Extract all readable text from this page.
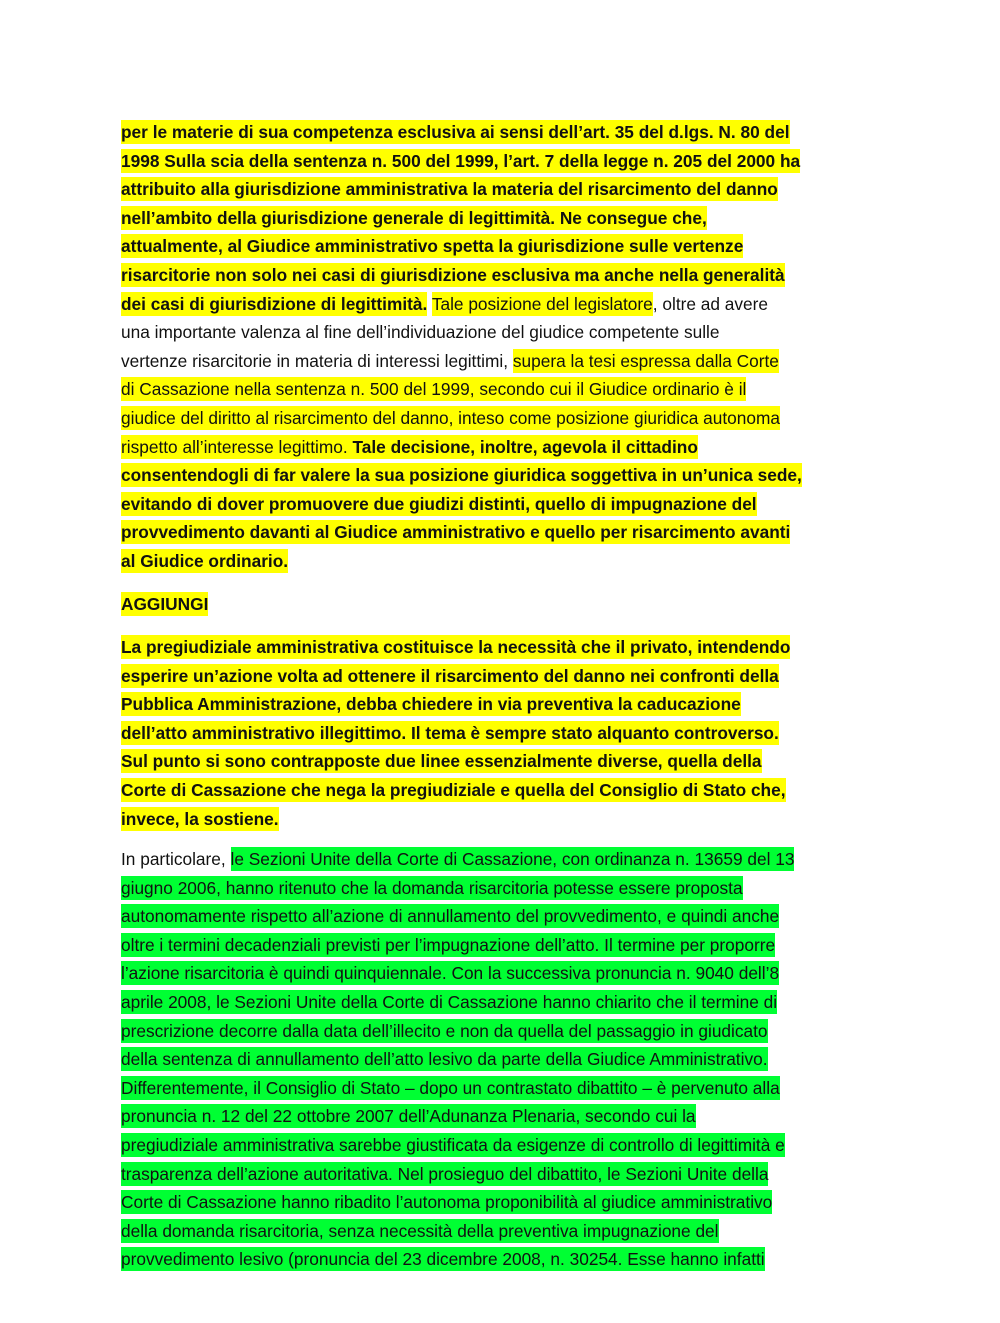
per le materie di sua competenza esclusiva ai sensi dell’art. 35 del d.lgs. N. 80 del
1998 Sulla scia della sentenza n. 500 del 1999, l’art. 7 della legge n. 205 del 2000 ha
attribuito alla giurisdizione amministrativa la materia del risarcimento del danno
nell’ambito della giurisdizione generale di legittimità. Ne consegue che,
attualmente, al Giudice amministrativo spetta la giurisdizione sulle vertenze
risarcitorie non solo nei casi di giurisdizione esclusiva ma anche nella generalità
dei casi di giurisdizione di legittimità. Tale posizione del legislatore, oltre ad avere
una importante valenza al fine dell’individuazione del giudice competente sulle
vertenze risarcitorie in materia di interessi legittimi, supera la tesi espressa dalla Corte
di Cassazione nella sentenza n. 500 del 1999, secondo cui il Giudice ordinario è il
giudice del diritto al risarcimento del danno, inteso come posizione giuridica autonoma
rispetto all’interesse legittimo. Tale decisione, inoltre, agevola il cittadino
consentendogli di far valere la sua posizione giuridica soggettiva in un’unica sede,
evitando di dover promuovere due giudizi distinti, quello di impugnazione del
provvedimento davanti al Giudice amministrativo e quello per risarcimento avanti
al Giudice ordinario.
AGGIUNGI
La pregiudiziale amministrativa costituisce la necessità che il privato, intendendo
esperire un’azione volta ad ottenere il risarcimento del danno nei confronti della
Pubblica Amministrazione, debba chiedere in via preventiva la caducazione
dell’atto amministrativo illegittimo. Il tema è sempre stato alquanto controverso.
Sul punto si sono contrapposte due linee essenzialmente diverse, quella della
Corte di Cassazione che nega la pregiudiziale e quella del Consiglio di Stato che,
invece, la sostiene.
In particolare, le Sezioni Unite della Corte di Cassazione, con ordinanza n. 13659 del 13
giugno 2006, hanno ritenuto che la domanda risarcitoria potesse essere proposta
autonomamente rispetto all’azione di annullamento del provvedimento, e quindi anche
oltre i termini decadenziali previsti per l’impugnazione dell’atto. Il termine per proporre
l’azione risarcitoria è quindi quinquiennale. Con la successiva pronuncia n. 9040 dell’8
aprile 2008, le Sezioni Unite della Corte di Cassazione hanno chiarito che il termine di
prescrizione decorre dalla data dell’illecito e non da quella del passaggio in giudicato
della sentenza di annullamento dell’atto lesivo da parte della Giudice Amministrativo.
Differentemente, il Consiglio di Stato – dopo un contrastato dibattito – è pervenuto alla
pronuncia n. 12 del 22 ottobre 2007 dell’Adunanza Plenaria, secondo cui la
pregiudiziale amministrativa sarebbe giustificata da esigenze di controllo di legittimità e
trasparenza dell’azione autoritativa. Nel prosieguo del dibattito, le Sezioni Unite della
Corte di Cassazione hanno ribadito l’autonoma proponibilità al giudice amministrativo
della domanda risarcitoria, senza necessità della preventiva impugnazione del
provvedimento lesivo (pronuncia del 23 dicembre 2008, n. 30254. Esse hanno infatti
